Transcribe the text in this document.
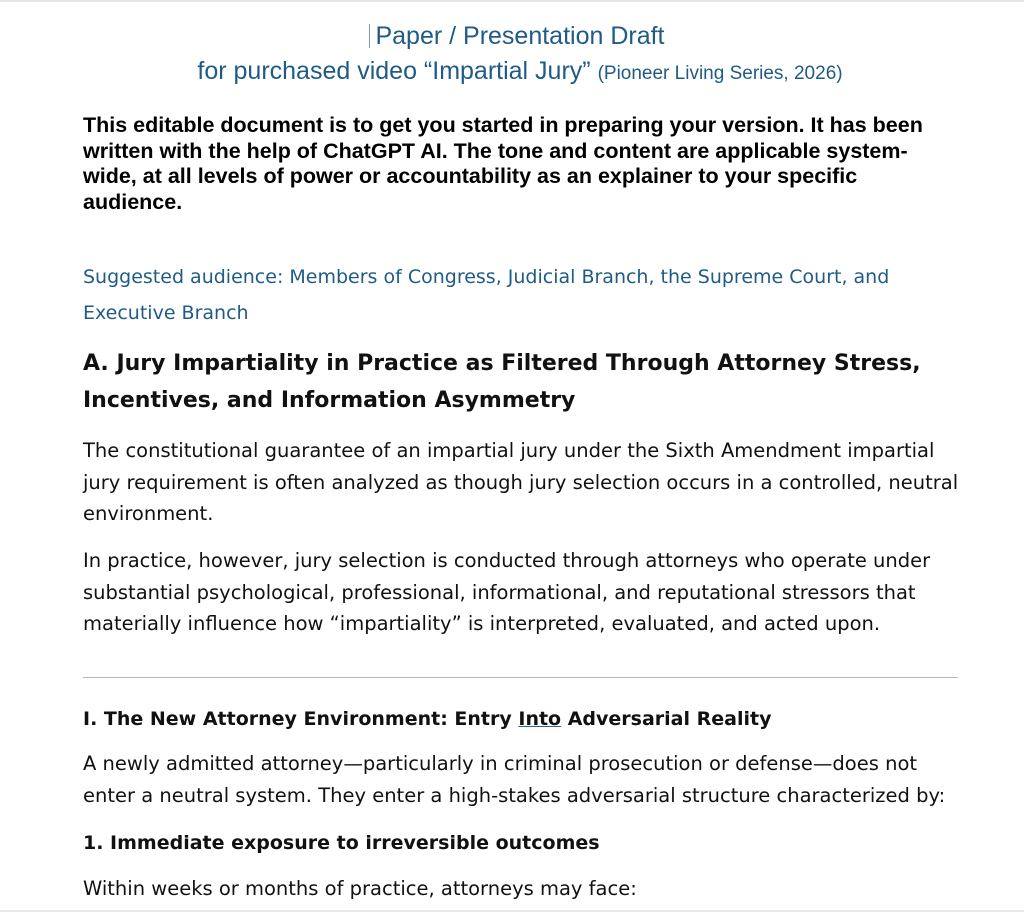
Paper / Presentation Draft
for purchased video “Impartial Jury” (Pioneer Living Series, 2026)
This editable document is to get you started in preparing your version. It has been written with the help of ChatGPT AI. The tone and content are applicable system-wide, at all levels of power or accountability as an explainer to your specific audience.
Suggested audience: Members of Congress, Judicial Branch, the Supreme Court, and Executive Branch
A. Jury Impartiality in Practice as Filtered Through Attorney Stress, Incentives, and Information Asymmetry
The constitutional guarantee of an impartial jury under the Sixth Amendment impartial jury requirement is often analyzed as though jury selection occurs in a controlled, neutral environment.
In practice, however, jury selection is conducted through attorneys who operate under substantial psychological, professional, informational, and reputational stressors that materially influence how “impartiality” is interpreted, evaluated, and acted upon.
I. The New Attorney Environment: Entry Into Adversarial Reality
A newly admitted attorney—particularly in criminal prosecution or defense—does not enter a neutral system. They enter a high-stakes adversarial structure characterized by:
1. Immediate exposure to irreversible outcomes
Within weeks or months of practice, attorneys may face:
